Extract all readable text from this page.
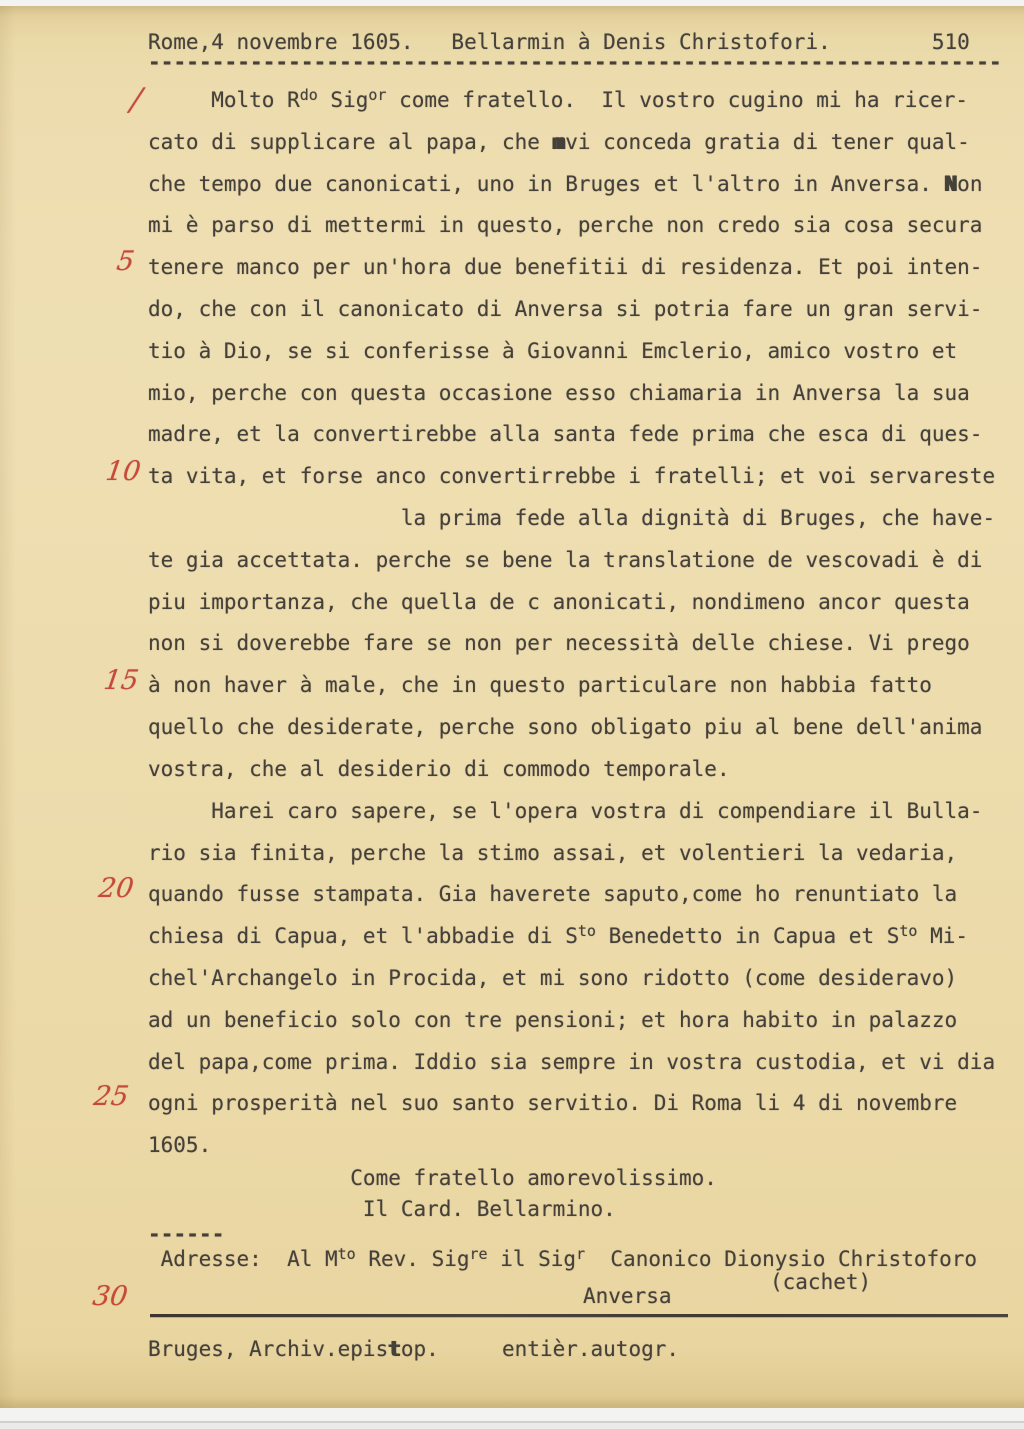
Rome,4 novembre 1605.   Bellarmin à Denis Christofori.        510
-------------------------------------------------------------------
Molto $R^{do}$ Sig$^{or}$ come fratello.  Il vostro cugino mi ha ricer-
cato di supplicare al papa, che mvi conceda gratia di tener qual-
che tempo due canonicati, uno in Bruges et l'altro in Anversa. Non
mi è parso di mettermi in questo, perche non credo sia cosa secura
tenere manco per un'hora due benefitii di residenza. Et poi inten-
do, che con il canonicato di Anversa si potria fare un gran servi-
tio à Dio, se si conferisse à Giovanni Emclerio, amico vostro et
mio, perche con questa occasione esso chiamaria in Anversa la sua
madre, et la convertirebbe alla santa fede prima che esca di ques-
ta vita, et forse anco convertirrebbe i fratelli; et voi servareste
la prima fede alla dignità di Bruges, che have-
te gia accettata. perche se bene la translatione de vescovadi è di
piu importanza, che quella de c anonicati, nondimeno ancor questa
non si doverebbe fare se non per necessità delle chiese. Vi prego
à non haver à male, che in questo particulare non habbia fatto
quello che desiderate, perche sono obligato piu al bene dell'anima
vostra, che al desiderio di commodo temporale.
Harei caro sapere, se l'opera vostra di compendiare il Bulla-
rio sia finita, perche la stimo assai, et volentieri la vedaria,
quando fusse stampata. Gia haverete saputo,come ho renuntiato la
chiesa di Capua, et l'abbadie di $S^{to}$ Benedetto in Capua et $S^{to}$ Mi-
chel'Archangelo in Procida, et mi sono ridotto (come desideravo)
ad un beneficio solo con tre pensioni; et hora habito in palazzo
del papa,come prima. Iddio sia sempre in vostra custodia, et vi dia
ogni prosperità nel suo santo servitio. Di Roma li 4 di novembre
1605.
Come fratello amorevolissimo.
Il Card. Bellarmino.
------
Adresse:  Al $M^{to}$ Rev. Sig$^{re}$ il Sig$^r$  Canonico Dionysio Christoforo
(cachet)
Anversa
Bruges, Archiv.epistop.     entièr.autogr.
/
5
10
15
20
25
30
